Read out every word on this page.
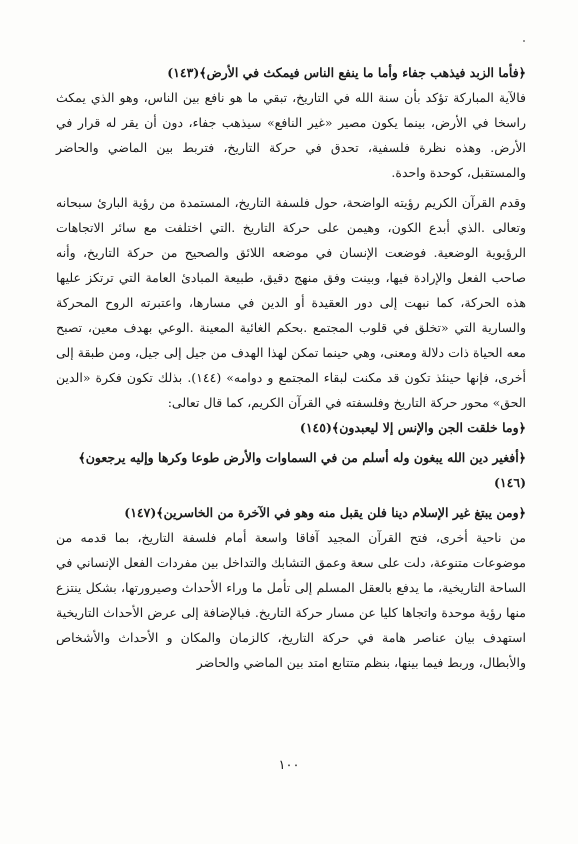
﴿فأما الزبد فيذهب جفاء وأما ما ينفع الناس فيمكث في الأرض﴾(١٤٣)

فالآية المباركة تؤكد بأن سنة الله في التاريخ، تبقي ما هو نافع بين الناس، وهو الذي يمكث راسخا في الأرض، بينما يكون مصير «غير النافع» سيذهب جفاء، دون أن يقر له قرار في الأرض. وهذه نظرة فلسفية، تحدق في حركة التاريخ، فتربط بين الماضي والحاضر والمستقبل، كوحدة واحدة.

وقدم القرآن الكريم رؤيته الواضحة، حول فلسفة التاريخ، المستمدة من رؤية البارئ سبحانه وتعالى .الذي أبدع الكون، وهيمن على حركة التاريخ .التي اختلفت مع سائر الاتجاهات الرؤيوية الوضعية. فوضعت الإنسان في موضعه اللائق والصحيح من حركة التاريخ، وأنه صاحب الفعل والإرادة فيها، وبينت وفق منهج دقيق، طبيعة المبادئ العامة التي ترتكز عليها هذه الحركة، كما نبهت إلى دور العقيدة أو الدين في مسارها، واعتبرته الروح المحركة والسارية التي «تخلق في قلوب المجتمع .بحكم الغائية المعينة .الوعي بهدف معين، تصبح معه الحياة ذات دلالة ومعنى، وهي حينما تمكن لهذا الهدف من جيل إلى جيل، ومن طبقة إلى أخرى، فإنها حينئذ تكون قد مكنت لبقاء المجتمع و دوامه» (١٤٤). بذلك تكون فكرة «الدين الحق» محور حركة التاريخ وفلسفته في القرآن الكريم، كما قال تعالى:

﴿وما خلقت الجن والإنس إلا ليعبدون﴾(١٤٥)

﴿أفغير دين الله يبغون وله أسلم من في السماوات والأرض طوعا وكرها وإليه يرجعون﴾(١٤٦)

﴿ومن يبتغ غير الإسلام دينا فلن يقبل منه وهو في الآخرة من الخاسرين﴾(١٤٧)

من ناحية أخرى، فتح القرآن المجيد آفاقا واسعة أمام فلسفة التاريخ، بما قدمه من موضوعات متنوعة، دلت على سعة وعمق التشابك والتداخل بين مفردات الفعل الإنساني في الساحة التاريخية، ما يدفع بالعقل المسلم إلى تأمل ما وراء الأحداث وصيرورتها، بشكل ينتزع منها رؤية موحدة واتجاها كليا عن مسار حركة التاريخ. فبالإضافة إلى عرض الأحداث التاريخية استهدف بيان عناصر هامة في حركة التاريخ، كالزمان والمكان و الأحداث والأشخاص والأبطال، وربط فيما بينها، بنظم متتابع امتد بين الماضي والحاضر

١٠٠
